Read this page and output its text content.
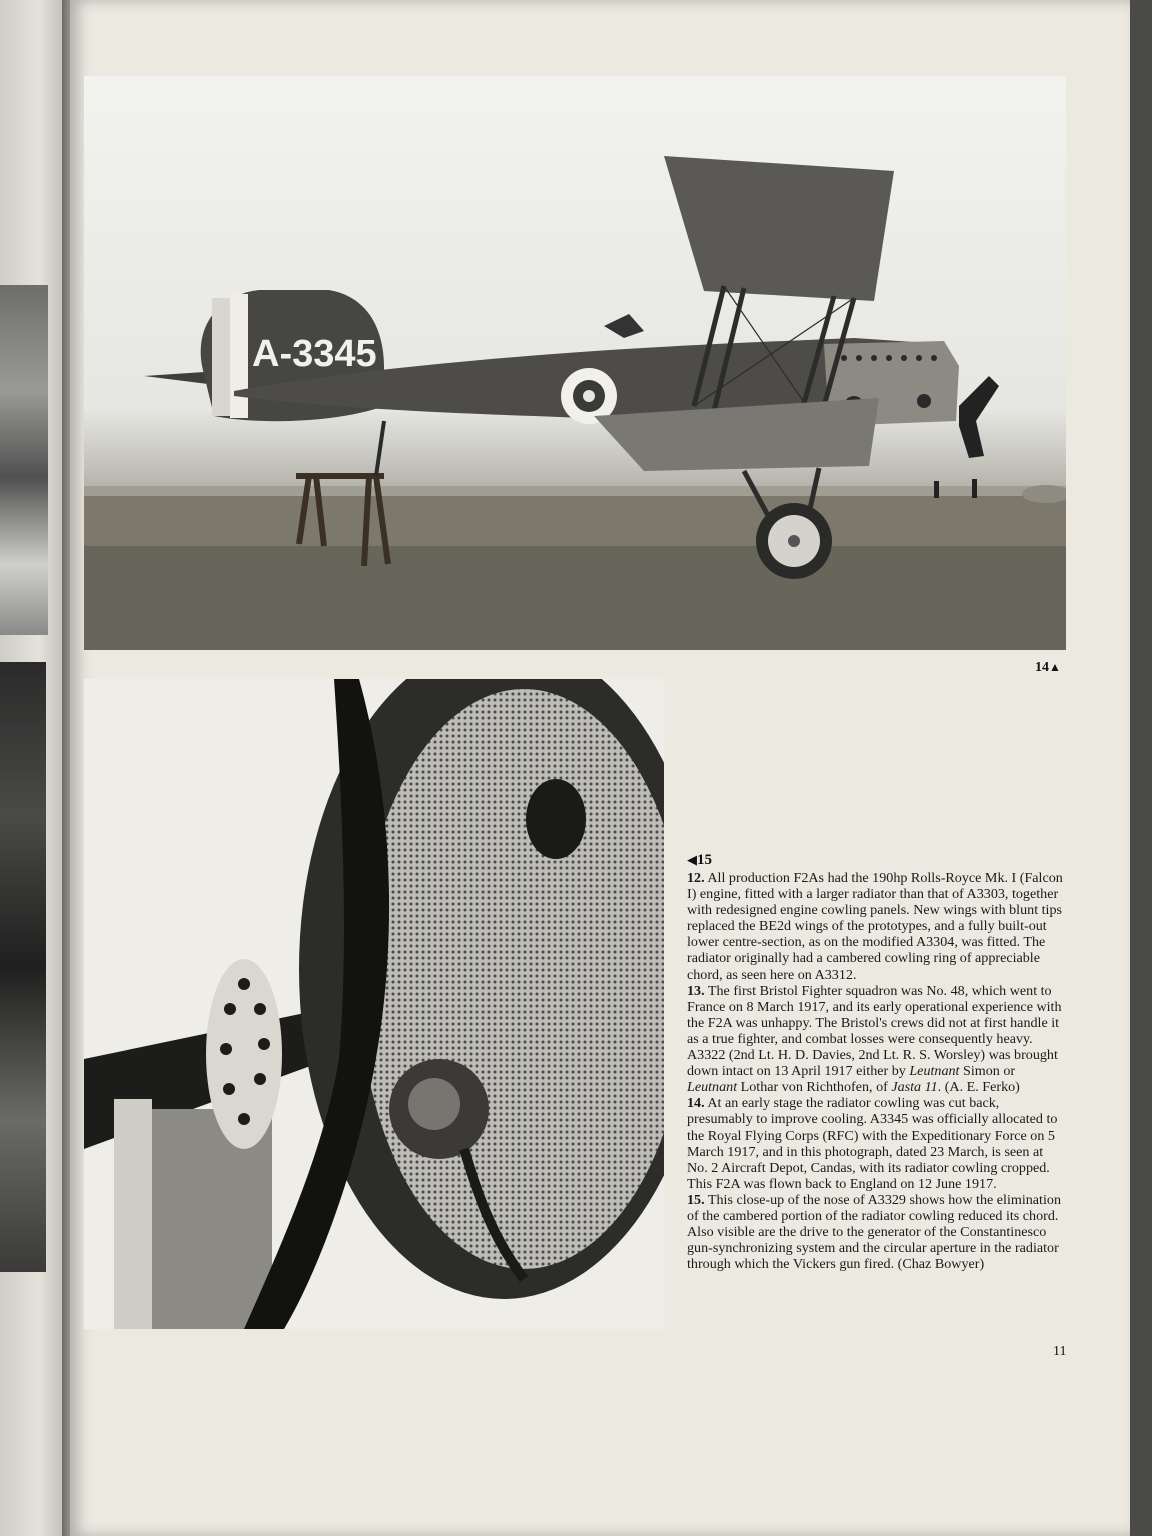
A-3345
14▲
◀15

12. All production F2As had the 190hp Rolls-Royce Mk. I (Falcon I) engine, fitted with a larger radiator than that of A3303, together with redesigned engine cowling panels. New wings with blunt tips replaced the BE2d wings of the prototypes, and a fully built-out lower centre-section, as on the modified A3304, was fitted. The radiator originally had a cambered cowling ring of appreciable chord, as seen here on A3312.

13. The first Bristol Fighter squadron was No. 48, which went to France on 8 March 1917, and its early operational experience with the F2A was unhappy. The Bristol's crews did not at first handle it as a true fighter, and combat losses were consequently heavy. A3322 (2nd Lt. H. D. Davies, 2nd Lt. R. S. Worsley) was brought down intact on 13 April 1917 either by Leutnant Simon or Leutnant Lothar von Richthofen, of Jasta 11. (A. E. Ferko)

14. At an early stage the radiator cowling was cut back, presumably to improve cooling. A3345 was officially allocated to the Royal Flying Corps (RFC) with the Expeditionary Force on 5 March 1917, and in this photograph, dated 23 March, is seen at No. 2 Aircraft Depot, Candas, with its radiator cowling cropped. This F2A was flown back to England on 12 June 1917.

15. This close-up of the nose of A3329 shows how the elimination of the cambered portion of the radiator cowling reduced its chord. Also visible are the drive to the generator of the Constantinesco gun-synchronizing system and the circular aperture in the radiator through which the Vickers gun fired. (Chaz Bowyer)

11
